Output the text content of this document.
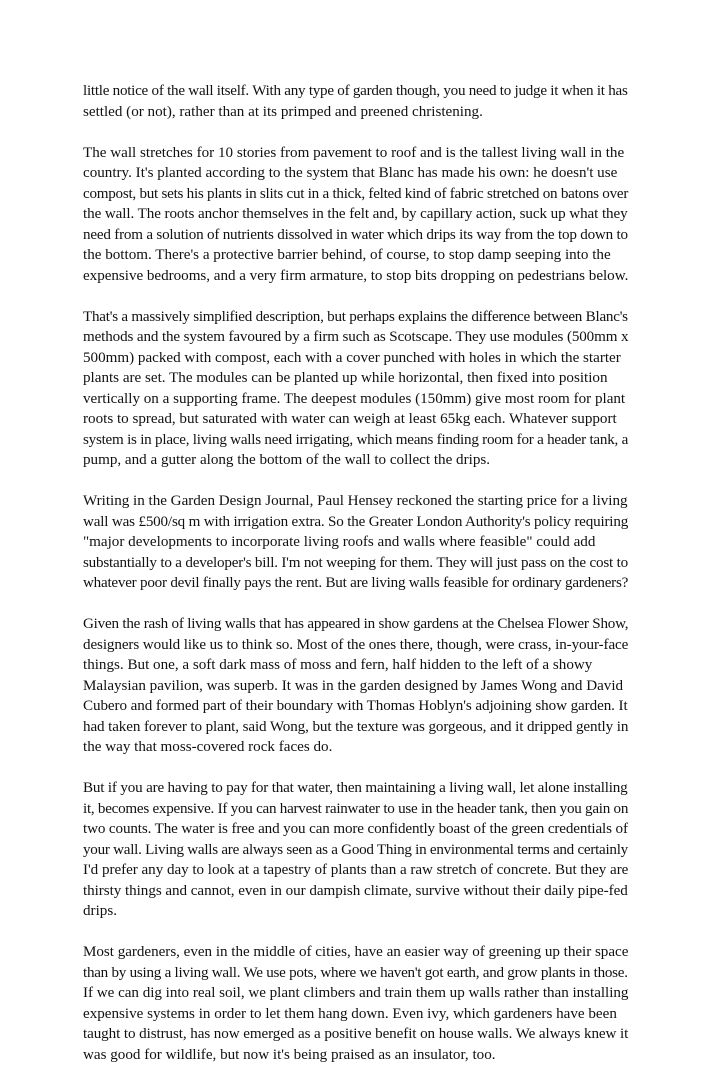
little notice of the wall itself. With any type of garden though, you need to judge it when it has
settled (or not), rather than at its primped and preened christening.

The wall stretches for 10 stories from pavement to roof and is the tallest living wall in the
country. It's planted according to the system that Blanc has made his own: he doesn't use
compost, but sets his plants in slits cut in a thick, felted kind of fabric stretched on batons over
the wall. The roots anchor themselves in the felt and, by capillary action, suck up what they
need from a solution of nutrients dissolved in water which drips its way from the top down to
the bottom. There's a protective barrier behind, of course, to stop damp seeping into the
expensive bedrooms, and a very firm armature, to stop bits dropping on pedestrians below.

That's a massively simplified description, but perhaps explains the difference between Blanc's
methods and the system favoured by a firm such as Scotscape. They use modules (500mm x
500mm) packed with compost, each with a cover punched with holes in which the starter
plants are set. The modules can be planted up while horizontal, then fixed into position
vertically on a supporting frame. The deepest modules (150mm) give most room for plant
roots to spread, but saturated with water can weigh at least 65kg each. Whatever support
system is in place, living walls need irrigating, which means finding room for a header tank, a
pump, and a gutter along the bottom of the wall to collect the drips.

Writing in the Garden Design Journal, Paul Hensey reckoned the starting price for a living
wall was £500/sq m with irrigation extra. So the Greater London Authority's policy requiring
"major developments to incorporate living roofs and walls where feasible" could add
substantially to a developer's bill. I'm not weeping for them. They will just pass on the cost to
whatever poor devil finally pays the rent. But are living walls feasible for ordinary gardeners?

Given the rash of living walls that has appeared in show gardens at the Chelsea Flower Show,
designers would like us to think so. Most of the ones there, though, were crass, in-your-face
things. But one, a soft dark mass of moss and fern, half hidden to the left of a showy
Malaysian pavilion, was superb. It was in the garden designed by James Wong and David
Cubero and formed part of their boundary with Thomas Hoblyn's adjoining show garden. It
had taken forever to plant, said Wong, but the texture was gorgeous, and it dripped gently in
the way that moss-covered rock faces do.

But if you are having to pay for that water, then maintaining a living wall, let alone installing
it, becomes expensive. If you can harvest rainwater to use in the header tank, then you gain on
two counts. The water is free and you can more confidently boast of the green credentials of
your wall. Living walls are always seen as a Good Thing in environmental terms and certainly
I'd prefer any day to look at a tapestry of plants than a raw stretch of concrete. But they are
thirsty things and cannot, even in our dampish climate, survive without their daily pipe-fed
drips.

Most gardeners, even in the middle of cities, have an easier way of greening up their space
than by using a living wall. We use pots, where we haven't got earth, and grow plants in those.
If we can dig into real soil, we plant climbers and train them up walls rather than installing
expensive systems in order to let them hang down. Even ivy, which gardeners have been
taught to distrust, has now emerged as a positive benefit on house walls. We always knew it
was good for wildlife, but now it's being praised as an insulator, too.
